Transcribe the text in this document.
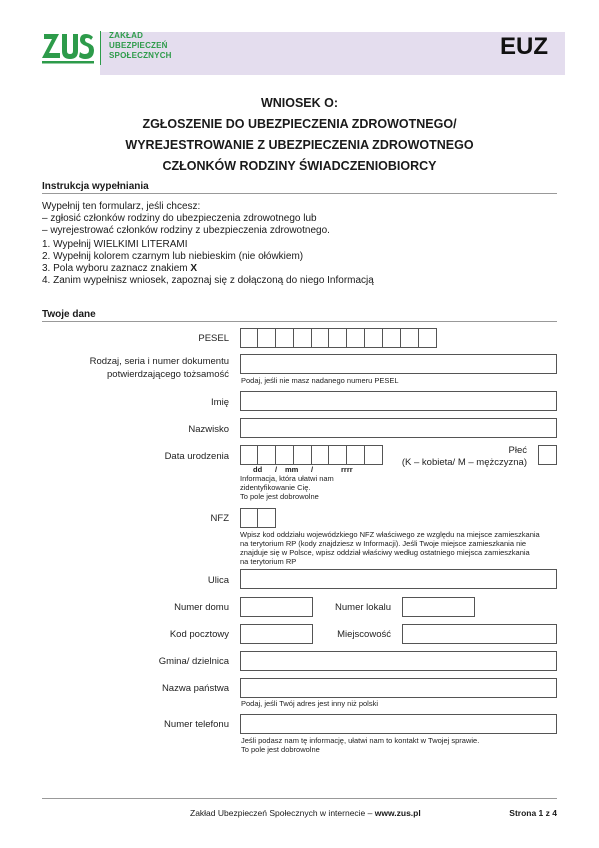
ZAKŁAD
UBEZPIECZEŃ
SPOŁECZNYCH	EUZ
WNIOSEK O:
ZGŁOSZENIE DO UBEZPIECZENIA ZDROWOTNEGO/
WYREJESTROWANIE Z UBEZPIECZENIA ZDROWOTNEGO
CZŁONKÓW RODZINY ŚWIADCZENIOBIORCY
Instrukcja wypełniania
Wypełnij ten formularz, jeśli chcesz:
– zgłosić członków rodziny do ubezpieczenia zdrowotnego lub
– wyrejestrować członków rodziny z ubezpieczenia zdrowotnego.
1. Wypełnij WIELKIMI LITERAMI
2. Wypełnij kolorem czarnym lub niebieskim (nie ołówkiem)
3. Pola wyboru zaznacz znakiem X
4. Zanim wypełnisz wniosek, zapoznaj się z dołączoną do niego Informacją
Twoje dane
PESEL
Rodzaj, seria i numer dokumentu
potwierdzającego tożsamość
Podaj, jeśli nie masz nadanego numeru PESEL
Imię
Nazwisko
Data urodzenia
dd / mm /	rrrr
Informacja, która ułatwi nam
zidentyfikowanie Cię.
To pole jest dobrowolne
Płeć
(K – kobieta/ M – mężczyzna)
NFZ
Wpisz kod oddziału wojewódzkiego NFZ właściwego ze względu na miejsce zamieszkania
na terytorium RP (kody znajdziesz w Informacji). Jeśli Twoje miejsce zamieszkania nie
znajduje się w Polsce, wpisz oddział właściwy według ostatniego miejsca zamieszkania
na terytorium RP
Ulica
Numer domu	Numer lokalu
Kod pocztowy	Miejscowość
Gmina/ dzielnica
Nazwa państwa
Podaj, jeśli Twój adres jest inny niż polski
Numer telefonu
Jeśli podasz nam tę informację, ułatwi nam to kontakt w Twojej sprawie.
To pole jest dobrowolne
Zakład Ubezpieczeń Społecznych w internecie – www.zus.pl	Strona 1 z 4
